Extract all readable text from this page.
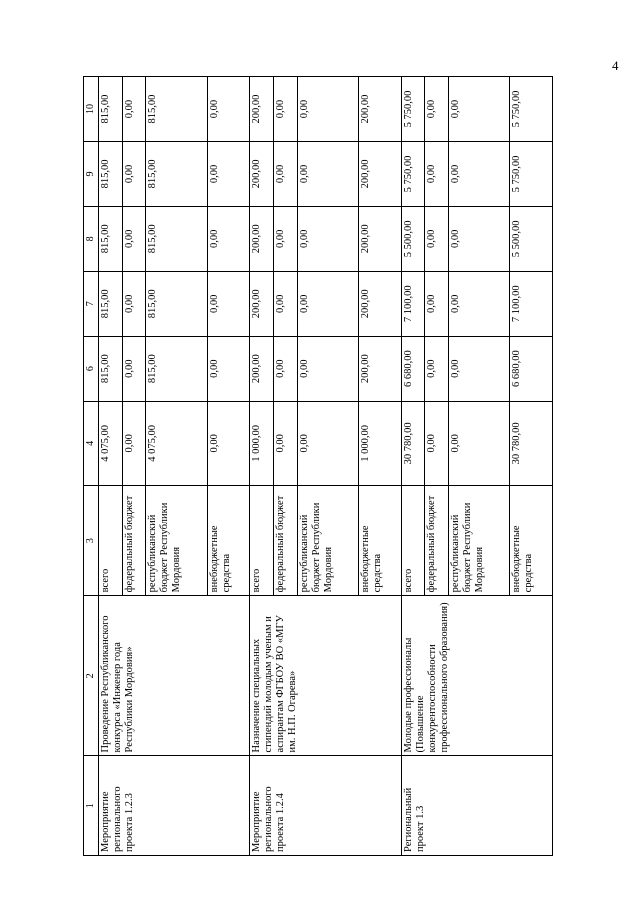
4
1	2	3	4	6	7	8	9	10
Мероприятие регионального проекта 1.2.3	Проведение Республиканского конкурса «Инженер года Республики Мордовия»	всего	4 075,00	815,00	815,00	815,00	815,00	815,00
		федеральный бюджет	0,00	0,00	0,00	0,00	0,00	0,00
		республиканский бюджет Республики Мордовия	4 075,00	815,00	815,00	815,00	815,00	815,00
		внебюджетные средства	0,00	0,00	0,00	0,00	0,00	0,00
Мероприятие регионального проекта 1.2.4	Назначение специальных стипендий молодым ученым и аспирантам ФГБОУ ВО «МГУ им. Н.П. Огарева»	всего	1 000,00	200,00	200,00	200,00	200,00	200,00
		федеральный бюджет	0,00	0,00	0,00	0,00	0,00	0,00
		республиканский бюджет Республики Мордовия	0,00	0,00	0,00	0,00	0,00	0,00
		внебюджетные средства	1 000,00	200,00	200,00	200,00	200,00	200,00
Региональный проект 1.3	Молодые профессионалы (Повышение конкурентоспособности профессионального образования)	всего	30 780,00	6 680,00	7 100,00	5 500,00	5 750,00	5 750,00
		федеральный бюджет	0,00	0,00	0,00	0,00	0,00	0,00
		республиканский бюджет Республики Мордовия	0,00	0,00	0,00	0,00	0,00	0,00
		внебюджетные средства	30 780,00	6 680,00	7 100,00	5 500,00	5 750,00	5 750,00
